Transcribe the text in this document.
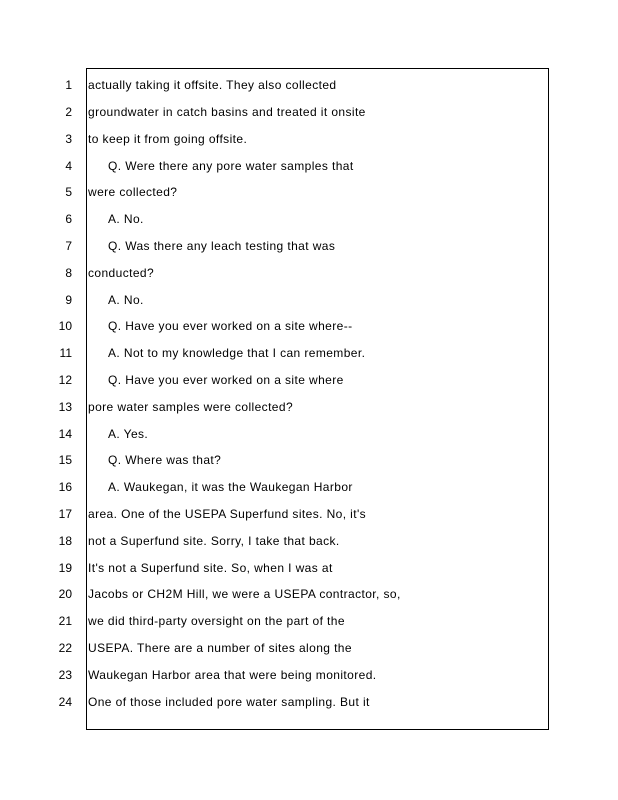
1 actually taking it offsite. They also collected
2 groundwater in catch basins and treated it onsite
3 to keep it from going offsite.
4	Q. Were there any pore water samples that
5 were collected?
6	A. No.
7	Q. Was there any leach testing that was
8 conducted?
9	A. No.
10	Q. Have you ever worked on a site where--
11	A. Not to my knowledge that I can remember.
12	Q. Have you ever worked on a site where
13 pore water samples were collected?
14	A. Yes.
15	Q. Where was that?
16	A. Waukegan, it was the Waukegan Harbor
17 area. One of the USEPA Superfund sites. No, it's
18 not a Superfund site. Sorry, I take that back.
19 It's not a Superfund site. So, when I was at
20 Jacobs or CH2M Hill, we were a USEPA contractor, so,
21 we did third-party oversight on the part of the
22 USEPA. There are a number of sites along the
23 Waukegan Harbor area that were being monitored.
24 One of those included pore water sampling. But it
